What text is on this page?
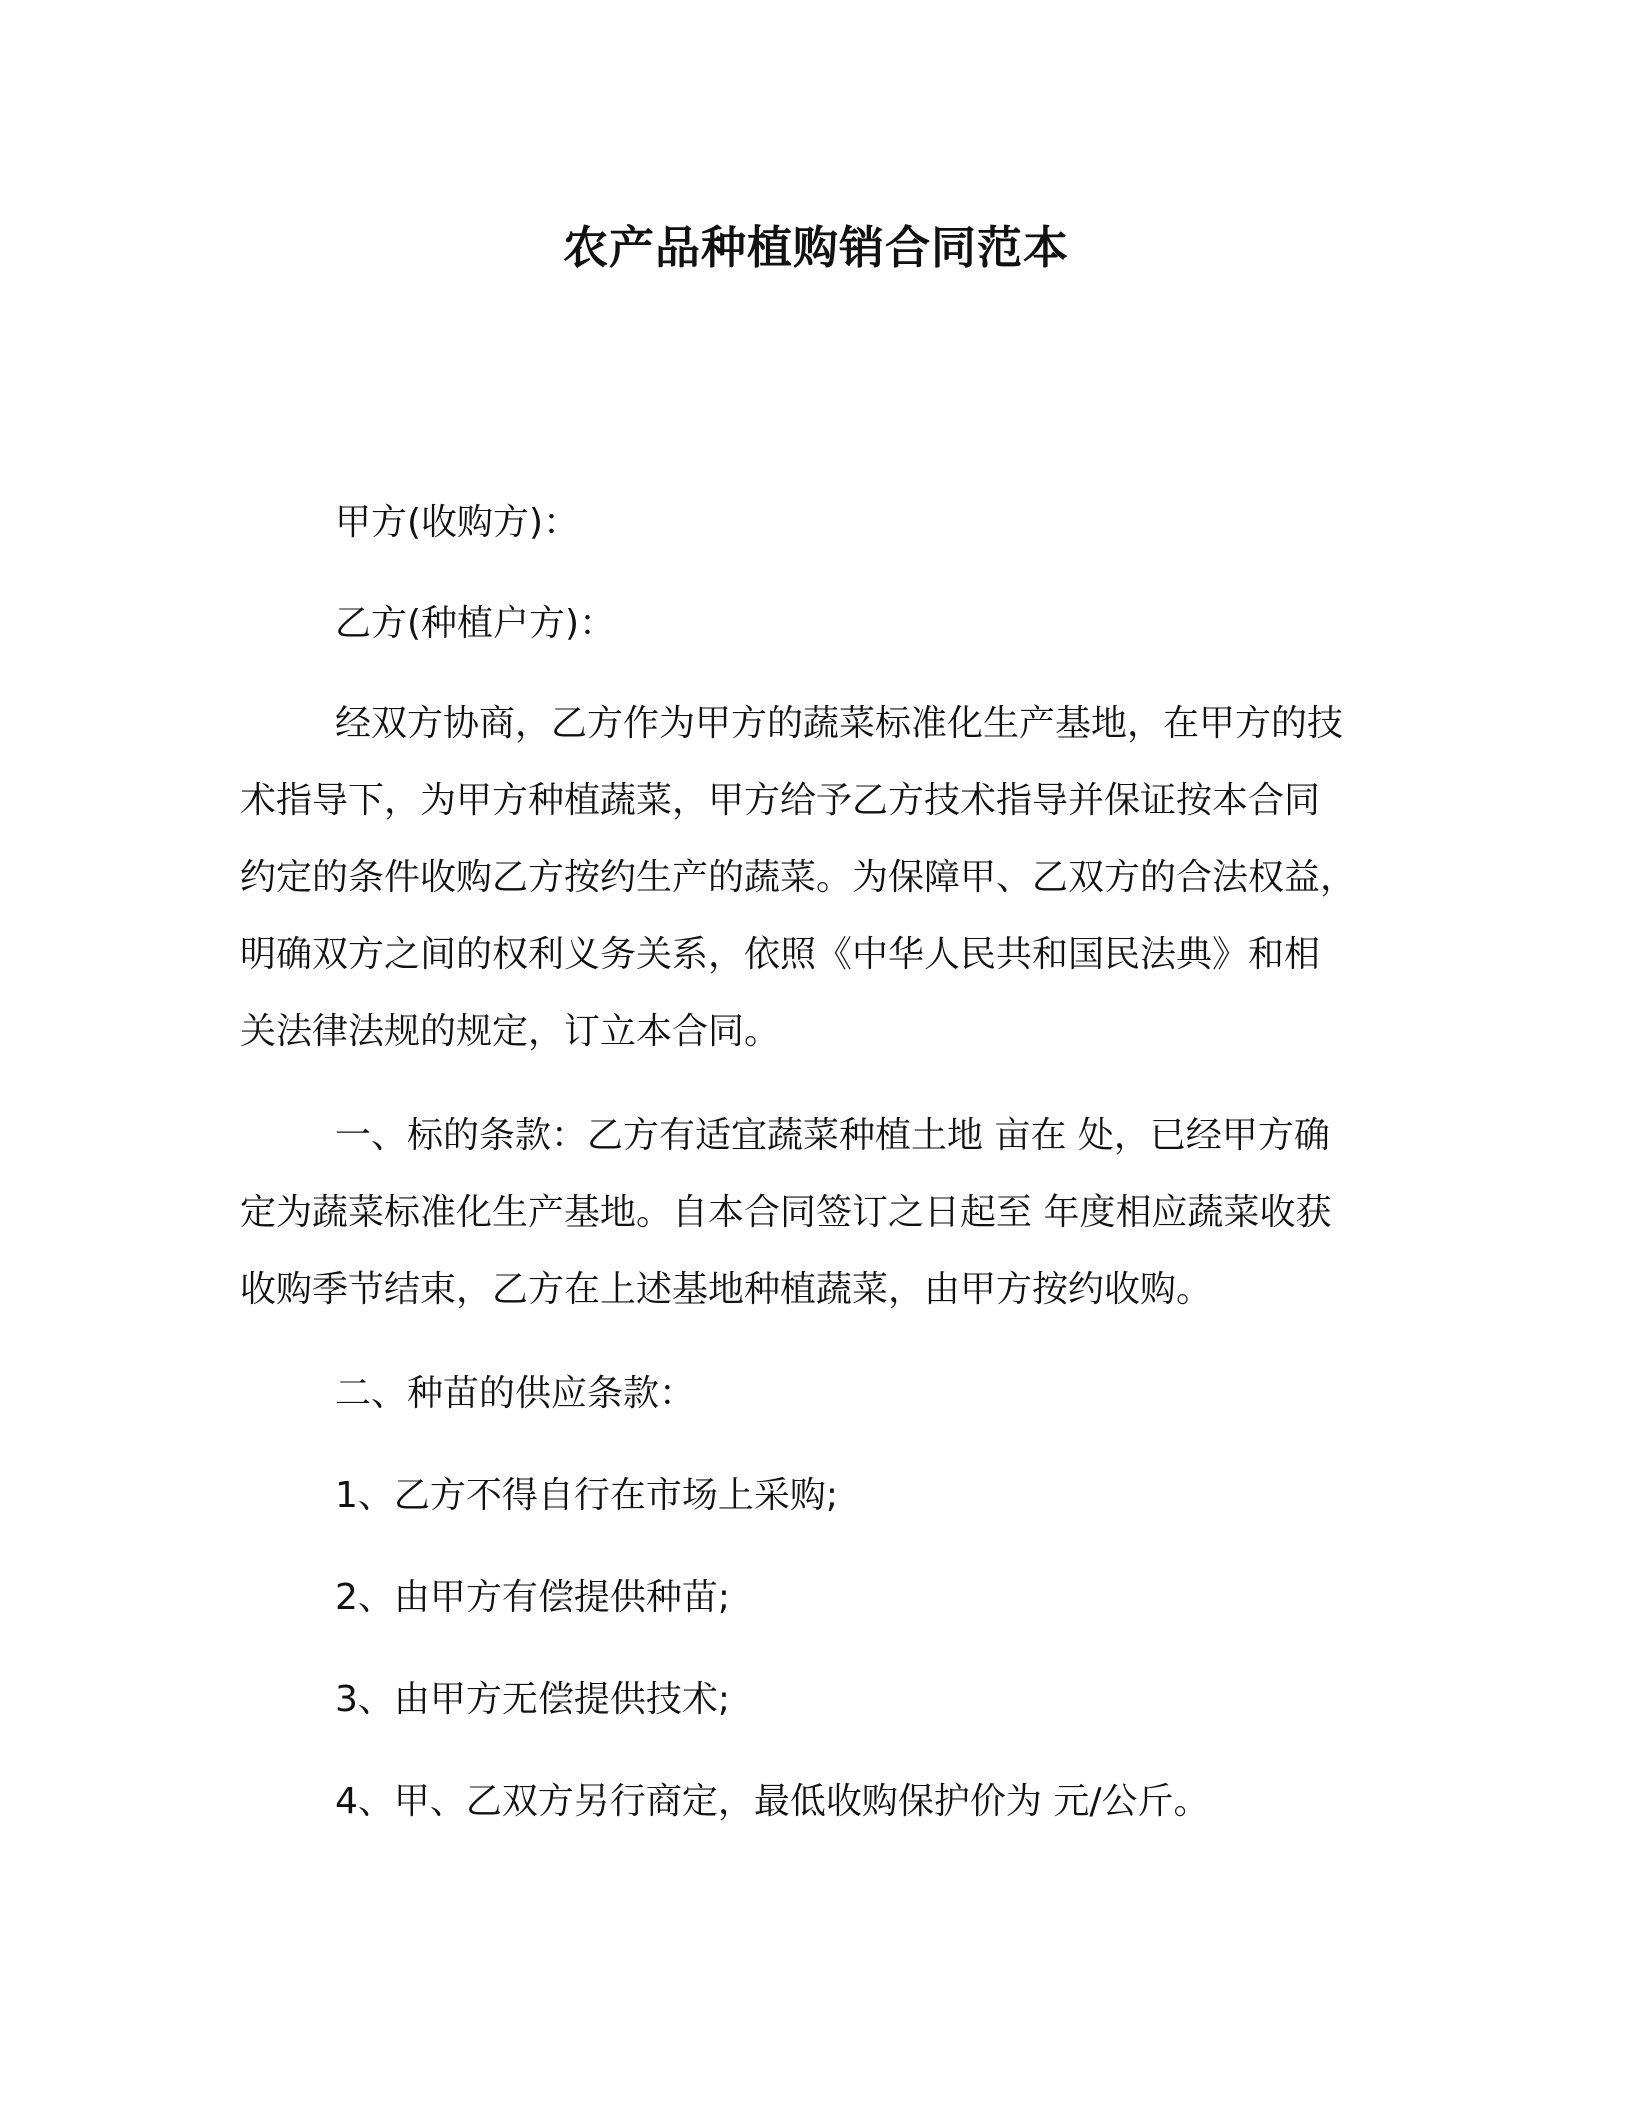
农产品种植购销合同范本

甲方(收购方)：

乙方(种植户方)：

经双方协商，乙方作为甲方的蔬菜标准化生产基地，在甲方的技
术指导下，为甲方种植蔬菜，甲方给予乙方技术指导并保证按本合同
约定的条件收购乙方按约生产的蔬菜。为保障甲、乙双方的合法权益，
明确双方之间的权利义务关系，依照《中华人民共和国民法典》和相
关法律法规的规定，订立本合同。
一、标的条款：乙方有适宜蔬菜种植土地 亩在 处，已经甲方确
定为蔬菜标准化生产基地。自本合同签订之日起至 年度相应蔬菜收获
收购季节结束，乙方在上述基地种植蔬菜，由甲方按约收购。

二、种苗的供应条款：

1、乙方不得自行在市场上采购;

2、由甲方有偿提供种苗;

3、由甲方无偿提供技术;

4、甲、乙双方另行商定，最低收购保护价为 元/公斤。
